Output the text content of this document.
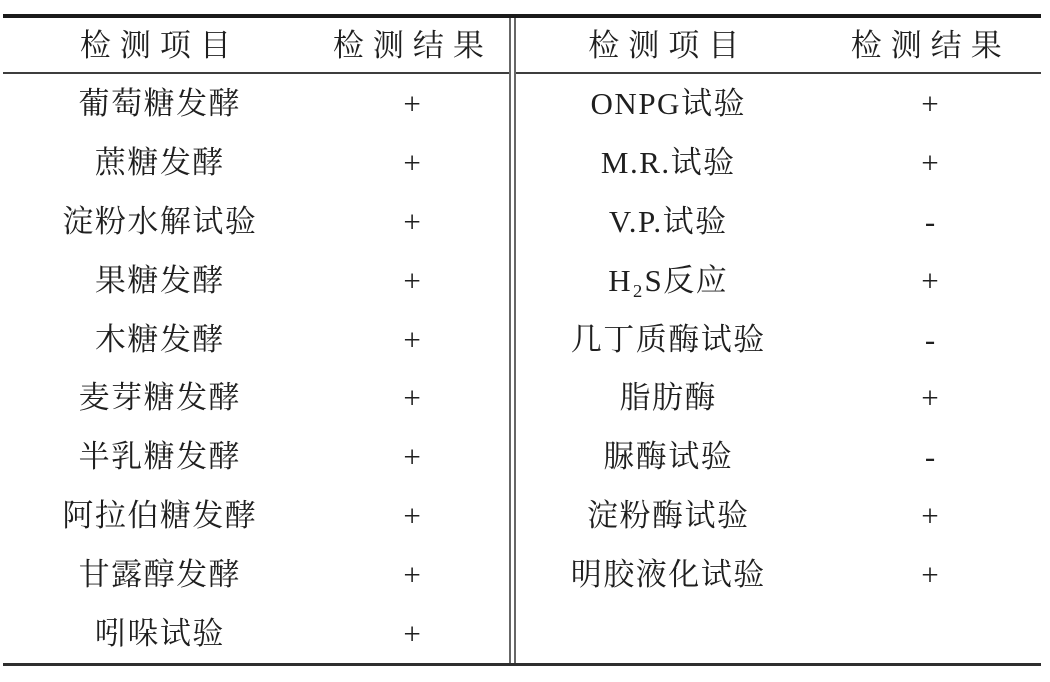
检测项目	检测结果
葡萄糖发酵	+
蔗糖发酵	+
淀粉水解试验	+
果糖发酵	+
木糖发酵	+
麦芽糖发酵	+
半乳糖发酵	+
阿拉伯糖发酵	+
甘露醇发酵	+
吲哚试验	+
检测项目	检测结果
ONPG试验	+
M.R.试验	+
V.P.试验	-
H₂S反应	+
几丁质酶试验	-
脂肪酶	+
脲酶试验	-
淀粉酶试验	+
明胶液化试验	+
